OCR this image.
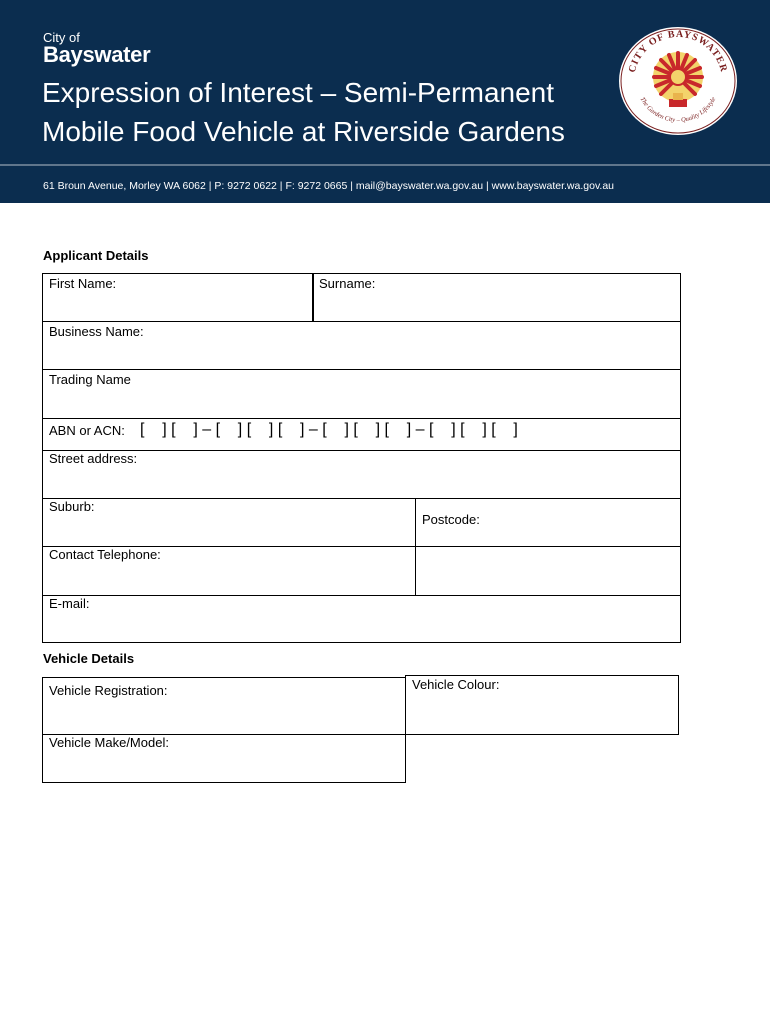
City of
Bayswater
Expression of Interest – Semi-Permanent
Mobile Food Vehicle at Riverside Gardens
61 Broun Avenue, Morley WA 6062 | P: 9272 0622 | F: 9272 0665 | mail@bayswater.wa.gov.au | www.bayswater.wa.gov.au
CITY OF BAYSWATER
The Garden City – Quality Lifestyle
Applicant Details
First Name:	Surname:
Business Name:
Trading Name
ABN or ACN: [    ] [    ] – [    ] [    ] [    ] – [    ] [    ] [    ] – [    ] [    ] [    ]
Street address:
Suburb:
Postcode:
Contact Telephone:
E-mail:
Vehicle Details
Vehicle Registration:	Vehicle Colour:
Vehicle Make/Model:
